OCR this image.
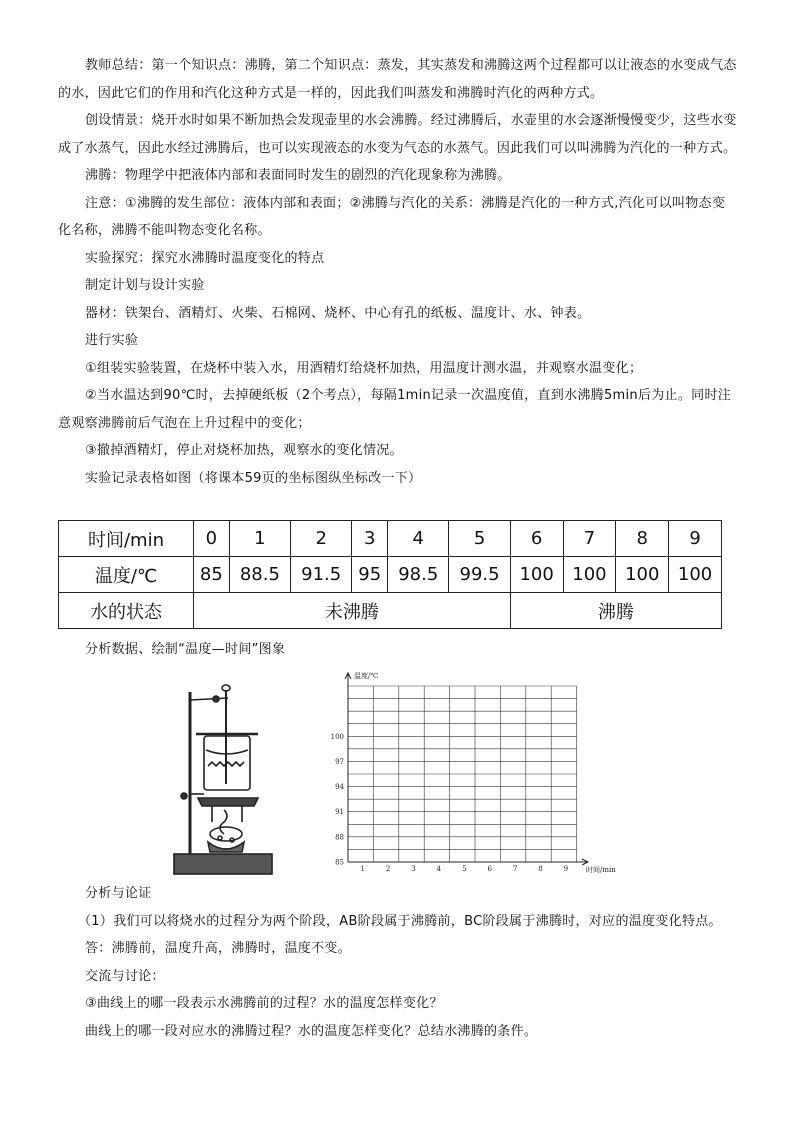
教师总结：第一个知识点：沸腾，第二个知识点：蒸发，其实蒸发和沸腾这两个过程都可以让液态的水变成气态的水，因此它们的作用和汽化这种方式是一样的，因此我们叫蒸发和沸腾时汽化的两种方式。

创设情景：烧开水时如果不断加热会发现壶里的水会沸腾。经过沸腾后，水壶里的水会逐渐慢慢变少，这些水变成了水蒸气，因此水经过沸腾后，也可以实现液态的水变为气态的水蒸气。因此我们可以叫沸腾为汽化的一种方式。

沸腾：物理学中把液体内部和表面同时发生的剧烈的汽化现象称为沸腾。

注意：①沸腾的发生部位：液体内部和表面；②沸腾与汽化的关系：沸腾是汽化的一种方式,汽化可以叫物态变化名称，沸腾不能叫物态变化名称。

实验探究：探究水沸腾时温度变化的特点

制定计划与设计实验

器材：铁架台、酒精灯、火柴、石棉网、烧杯、中心有孔的纸板、温度计、水、钟表。

进行实验

①组装实验装置，在烧杯中装入水，用酒精灯给烧杯加热，用温度计测水温，并观察水温变化；

②当水温达到90℃时，去掉硬纸板（2个考点），每隔1min记录一次温度值，直到水沸腾5min后为止。同时注意观察沸腾前后气泡在上升过程中的变化；

③撤掉酒精灯，停止对烧杯加热，观察水的变化情况。

实验记录表格如图（将课本59页的坐标图纵坐标改一下）

时间/min	0	1	2	3	4	5	6	7	8	9
温度/℃	85	88.5	91.5	95	98.5	99.5	100	100	100	100
水的状态	未沸腾						沸腾			

分析数据、绘制“温度—时间”图象

温度/℃
时间/min
85
88
91
94
97
100
1	2	3	4	5	6	7	8	9

分析与论证

（1）我们可以将烧水的过程分为两个阶段，AB阶段属于沸腾前，BC阶段属于沸腾时，对应的温度变化特点。

答：沸腾前，温度升高，沸腾时，温度不变。

交流与讨论：

③曲线上的哪一段表示水沸腾前的过程？水的温度怎样变化？

曲线上的哪一段对应水的沸腾过程？水的温度怎样变化？总结水沸腾的条件。
